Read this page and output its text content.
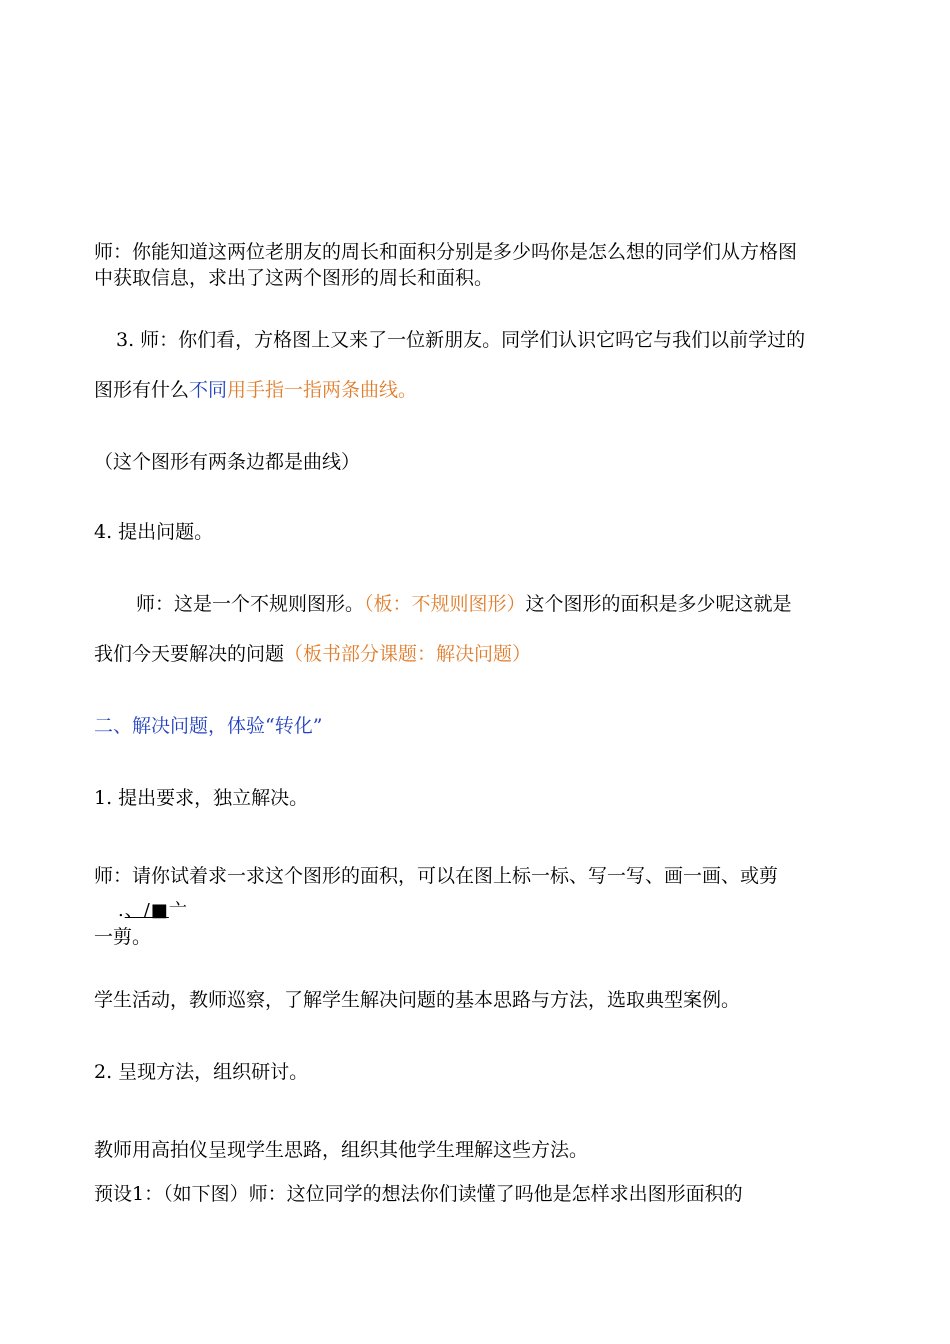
师：你能知道这两位老朋友的周长和面积分别是多少吗你是怎么想的同学们从方格图
中获取信息，求出了这两个图形的周长和面积。
3. 师：你们看，方格图上又来了一位新朋友。同学们认识它吗它与我们以前学过的
图形有什么不同用手指一指两条曲线。
（这个图形有两条边都是曲线）
4. 提出问题。
师：这是一个不规则图形。（板：不规则图形）这个图形的面积是多少呢这就是
我们今天要解决的问题（板书部分课题：解决问题）
二、解决问题，体验“转化”
1. 提出要求，独立解决。
师：请你试着求一求这个图形的面积，可以在图上标一标、写一写、画一画、或剪
.、/■亠
一剪。
学生活动，教师巡察，了解学生解决问题的基本思路与方法，选取典型案例。
2. 呈现方法，组织研讨。
教师用高拍仪呈现学生思路，组织其他学生理解这些方法。
预设1：（如下图）师：这位同学的想法你们读懂了吗他是怎样求出图形面积的
